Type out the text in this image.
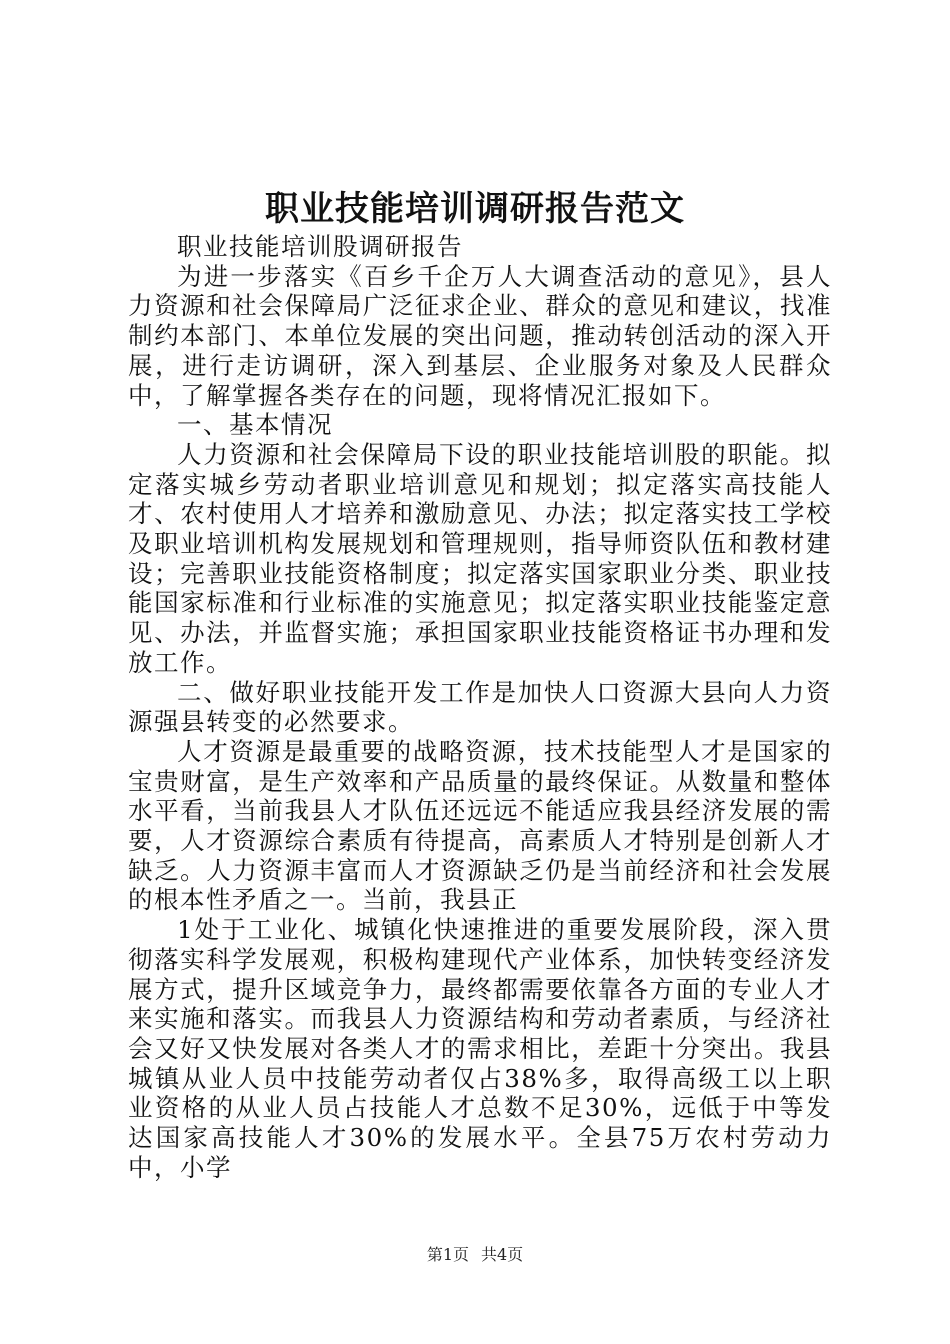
职业技能培训调研报告范文

职业技能培训股调研报告

为进一步落实《百乡千企万人大调查活动的意见》，县人力资源和社会保障局广泛征求企业、群众的意见和建议，找准制约本部门、本单位发展的突出问题，推动转创活动的深入开展，进行走访调研，深入到基层、企业服务对象及人民群众中，了解掌握各类存在的问题，现将情况汇报如下。

一、基本情况

人力资源和社会保障局下设的职业技能培训股的职能。拟定落实城乡劳动者职业培训意见和规划；拟定落实高技能人才、农村使用人才培养和激励意见、办法；拟定落实技工学校及职业培训机构发展规划和管理规则，指导师资队伍和教材建设；完善职业技能资格制度；拟定落实国家职业分类、职业技能国家标准和行业标准的实施意见；拟定落实职业技能鉴定意见、办法，并监督实施；承担国家职业技能资格证书办理和发放工作。

二、做好职业技能开发工作是加快人口资源大县向人力资源强县转变的必然要求。

人才资源是最重要的战略资源，技术技能型人才是国家的宝贵财富，是生产效率和产品质量的最终保证。从数量和整体水平看，当前我县人才队伍还远远不能适应我县经济发展的需要，人才资源综合素质有待提高，高素质人才特别是创新人才缺乏。人力资源丰富而人才资源缺乏仍是当前经济和社会发展的根本性矛盾之一。当前，我县正

1处于工业化、城镇化快速推进的重要发展阶段，深入贯彻落实科学发展观，积极构建现代产业体系，加快转变经济发展方式，提升区域竞争力，最终都需要依靠各方面的专业人才来实施和落实。而我县人力资源结构和劳动者素质，与经济社会又好又快发展对各类人才的需求相比，差距十分突出。我县城镇从业人员中技能劳动者仅占38%多，取得高级工以上职业资格的从业人员占技能人才总数不足30%，远低于中等发达国家高技能人才30%的发展水平。全县75万农村劳动力中，小学

第1页 共4页
